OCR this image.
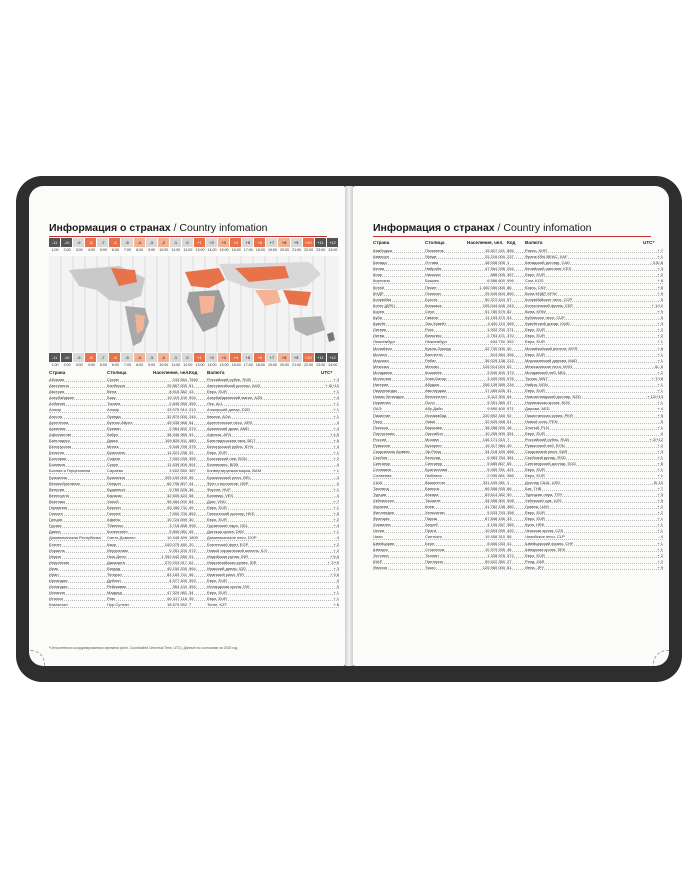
Информация о странах / Country infomation
-11	-10	-9	-8	-7	-6	-5	-4	-3	-2	-1	0	+1	+2	+3	+4	+5	+6	+7	+8	+9	+10	+11	+12
1:00	2:00	3:00	4:00	5:00	6:00	7:00	8:00	9:00	10:00 11:00 12:00 13:00 14:00 15:00 16:00 17:00 18:00 19:00 20:00 21:00 22:00 23:00 24:00
-11	-10	-9	-8	-7	-6	-5	-4	-3	-2	-1	0	+1	+2	+3	+4	+5	+6	+7	+8	+9	+10	+11	+12
1:00	2:00	3:00	4:00	5:00	6:00	7:00	8:00	9:00	10:00 11:00 12:00 13:00 14:00 15:00 16:00 17:00 18:00 19:00 20:00 21:00 22:00 23:00 24:00
Страна	Столица	Население, чел. Код Валюта	UTC*
Абхазия	Сухум	243 564 7840	Российский рубль, RUB	+ 3
Австралия	Канберра	25 867 000 61	Австралийский доллар, AUD	+ 8/+10
Австрия	Вена	8 915 382 43	Евро, EUR	+ 1
Азербайджан	Баку	10 119 100 994	Азербайджанский манат, AZN	+ 4
Албания	Тирана	2 845 955 355	Лек, ALL	+ 1
Алжир	Алжир	43 975 914 213	Алжирский динар, DZD	+ 1
Ангола	Луанда	32 870 000 244	Кванза, AOA	+ 1
Аргентина	Буэнос-Айрес	45 535 968 54	Аргентинское песо, ARS	- 3
Армения	Ереван	2 964 802 374	Армянский драм, AMD	+ 4
Афганистан	Кабул	38 346 965 93	Афгани, AFN	+ 4,5
Бангладеш	Дакка	169 828 911 880	Бангладешская така, BDT	+ 6
Белоруссия	Минск	9 349 799 375	Белорусский рубль, BYN	+ 3
Бельгия	Брюссель	11 521 238 32	Евро, EUR	+ 1
Болгария	София	7 000 039 359	Болгарский лев, BGN	+ 2
Боливия	Сукре	11 639 909 591	Боливиано, BOB	- 4
Босния и Герцеговина	Сараево	3 502 550 387	Конвертируемая марка, BAM	+ 1
Бразилия	Бразилиа	209 100 000 55	Бразильский реал, BRL	- 3
Великобритания	Лондон	66 796 807 44	Фунт стерлингов, GBP	0
Венгрия	Будапешт	9 769 526 36	Форинт, HUF	+ 1
Венесуэла	Каракас	32 605 423 58	Боливар, VES	- 4
Вьетнам	Ханой	96 484 000 84	Донг, VND	+ 7
Германия	Берлин	83 166 711 49	Евро, EUR	+ 1
Гонконг	Гонконг	7 500 700 852	Гонконгский доллар, HKD	+ 8
Греция	Афины	10 724 599 30	Евро, EUR	+ 2
Грузия	Тбилиси	3 716 858 995	Грузинский лари, GEL	+ 4
Дания	Копенгаген	5 806 081 45	Датская крона, DKK	+ 1
Доминиканская Республика	Санто-Доминго	10 448 499 1809	Доминиканское песо, DOP	- 4
Египет	Каир	100 075 480 20	Египетский фунт, EGP	+ 2
Израиль	Иерусалим	9 251 200 972	Новый израильский шекель, ILS	+ 2
Индия	Нью-Дели	1 352 642 280 91	Индийская рупия, INR	+ 5,5
Индонезия	Джакарта	270 203 917 62	Индонезийская рупия, IDR	+ 7/+9
Ирак	Багдад	40 150 200 964	Иракский динар, IQD	+ 3
Иран	Тегеран	83 183 741 98	Иранский риал, IRR	+ 3,5
Ирландия	Дублин	4 977 400 353	Евро, EUR	0
Исландия	Рейкьявик	364 134 354	Исландская крона, ISK	0
Испания	Мадрид	47 329 981 34	Евро, EUR	+ 1
Италия	Рим	60 317 116 39	Евро, EUR	+ 1
Казахстан	Нур-Султан	18 879 552 7	Тенге, KZT	+ 6
*Относительно координированного времени (англ. Coordinated Universal Time, UTC). Данные по состоянию на 2020 год.
Информация о странах / Country infomation
Страна	Столица	Население, чел. Код Валюта	UTC*
Камбоджа	Пномпень	15 827 241 855	Риель, KHR	+ 7
Камерун	Яунде	25 216 000 237	Франк КФА BEAC, XAF	+ 1
Канада	Оттава	38 008 005 1	Канадский доллар, CAD	- 3,5/-8
Кения	Найроби	47 564 296 254	Кенийский шиллинг, KES	+ 3
Кипр	Никосия	888 005 357	Евро, EUR	+ 2
Киргизия	Бишкек	6 586 600 996	Сом, KGS	+ 6
Китай	Пекин	1 400 050 000 86	Юань, CNY	+ 8
КНДР	Пхеньян	25 549 604 850	Вона КНДР, KPW	+ 9
Колумбия	Богота	50 372 424 57	Колумбийское песо, COP	- 5
Конго (ДРК)	Киншаса	105 044 646 243	Конголезский франк, CDF	+ 1/+2
Корея	Сеул	51 780 579 82	Вона, KRW	+ 9
Куба	Гавана	11 193 470 53	Кубинское песо, CUP	- 5
Кувейт	Эль-Кувейт	4 420 110 965	Кувейтский динар, KWD	+ 3
Латвия	Рига	1 902 700 371	Евро, EUR	+ 2
Литва	Вильнюс	2 793 471 370	Евро, EUR	+ 2
Люксембург	Люксембург	634 730 352	Евро, EUR	+ 1
Малайзия	Куала-Лумпур	32 730 000 60	Малайзийский ринггит, MYR	+ 8
Мальта	Валлетта	514 564 356	Евро, EUR	+ 1
Марокко	Рабат	36 029 138 212	Марокканский дирхам, MAD	+ 1
Мексика	Мехико	126 014 024 52	Мексиканское песо, MXN	- 6/- 8
Молдавия	Кишинёв	2 640 400 373	Молдавский лей, MDL	+ 2
Монголия	Улан-Батор	3 409 939 976	Тугрик, MNT	+ 7/+8
Нигерия	Абуджа	206 139 589 234	Найра, NGN	+ 1
Нидерланды	Амстердам	17 469 635 31	Евро, EUR	+ 1
Новая Зеландия	Веллингтон	5 112 300 64	Новозеландский доллар, NZD	+ 12/+13
Норвегия	Осло	5 391 369 47	Норвежская крона, NOK	+ 1
ОАЭ	Абу-Даби	9 890 400 971	Дирхам, AED	+ 4
Пакистан	Исламабад	220 892 340 92	Пакистанская рупия, PKR	+ 5
Перу	Лима	32 625 948 51	Новый соль, PEN	- 5
Польша	Варшава	38 268 000 48	Злотый, PLN	+ 1
Португалия	Лиссабон	10 295 909 351	Евро, EUR	0
Россия	Москва	146 171 015 7	Российский рубль, RUB	+ 2/+12
Румыния	Бухарест	19 317 984 40	Румынский лей, RON	+ 2
Саудовская Аравия	Эр-Рияд	34 218 169 966	Саудовский риял, SAR	+ 3
Сербия	Белград	6 963 764 381	Сербский динар, RSD	+ 1
Сингапур	Сингапур	5 685 807 65	Сингапурский доллар, SGD	+ 8
Словакия	Братислава	5 459 781 421	Евро, EUR	+ 1
Словения	Любляна	2 095 861 386	Евро, EUR	+ 1
США	Вашингтон	331 449 281 1	Доллар США, USD	- 5/-10
Таиланд	Бангкок	66 558 935 66	Бат, THB	+ 7
Турция	Анкара	83 614 362 90	Турецкая лира, TRY	+ 3
Узбекистан	Ташкент	34 558 900 998	Узбекский сум, UZS	+ 5
Украина	Киев	41 762 138 380	Гривна, UAH	+ 2
Финляндия	Хельсинки	5 533 793 358	Евро, EUR	+ 2
Франция	Париж	67 848 156 33	Евро, EUR	+ 1
Хорватия	Загреб	4 105 267 385	Куна, HRK	+ 1
Чехия	Прага	10 693 939 420	Чешская крона, CZK	+ 1
Чили	Сантьяго	19 458 310 56	Чилийское песо, CLP	- 4
Швейцария	Берн	8 606 033 41	Швейцарский франк, CHF	+ 1
Швеция	Стокгольм	10 379 295 46	Шведская крона, SEK	+ 1
Эстония	Таллин	1 328 976 372	Евро, EUR	+ 2
ЮАР	Претория	59 622 350 27	Рэнд, ZAR	+ 2
Япония	Токио	125 960 000 81	Иена, JPY	+ 9
